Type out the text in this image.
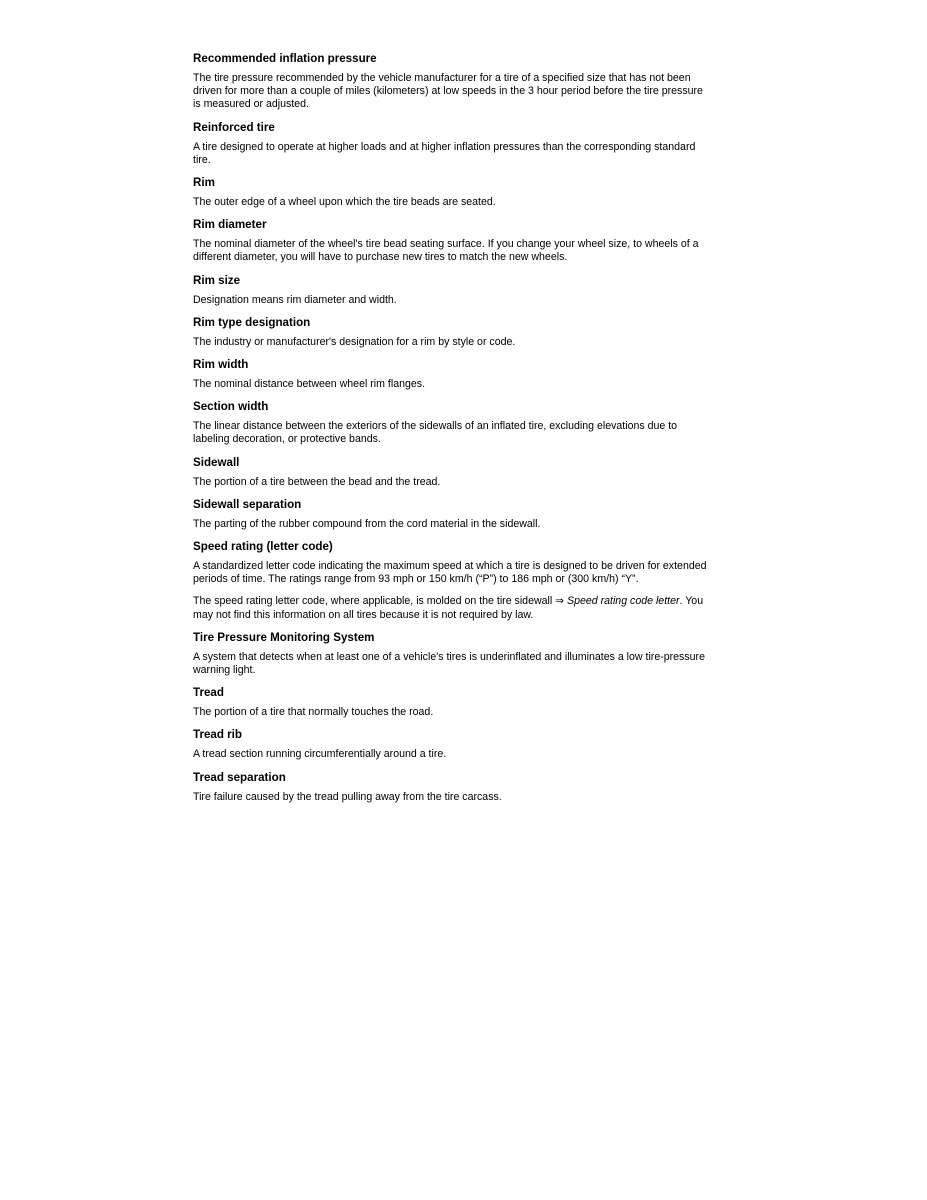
Recommended inflation pressure
The tire pressure recommended by the vehicle manufacturer for a tire of a specified size that has not been driven for more than a couple of miles (kilometers) at low speeds in the 3 hour period before the tire pressure is measured or adjusted.
Reinforced tire
A tire designed to operate at higher loads and at higher inflation pressures than the corresponding standard tire.
Rim
The outer edge of a wheel upon which the tire beads are seated.
Rim diameter
The nominal diameter of the wheel's tire bead seating surface. If you change your wheel size, to wheels of a different diameter, you will have to purchase new tires to match the new wheels.
Rim size
Designation means rim diameter and width.
Rim type designation
The industry or manufacturer's designation for a rim by style or code.
Rim width
The nominal distance between wheel rim flanges.
Section width
The linear distance between the exteriors of the sidewalls of an inflated tire, excluding elevations due to labeling decoration, or protective bands.
Sidewall
The portion of a tire between the bead and the tread.
Sidewall separation
The parting of the rubber compound from the cord material in the sidewall.
Speed rating (letter code)
A standardized letter code indicating the maximum speed at which a tire is designed to be driven for extended periods of time. The ratings range from 93 mph or 150 km/h (“P”) to 186 mph or (300 km/h) “Y”.
The speed rating letter code, where applicable, is molded on the tire sidewall ⇒ Speed rating code letter. You may not find this information on all tires because it is not required by law.
Tire Pressure Monitoring System
A system that detects when at least one of a vehicle's tires is underinflated and illuminates a low tire-pressure warning light.
Tread
The portion of a tire that normally touches the road.
Tread rib
A tread section running circumferentially around a tire.
Tread separation
Tire failure caused by the tread pulling away from the tire carcass.
